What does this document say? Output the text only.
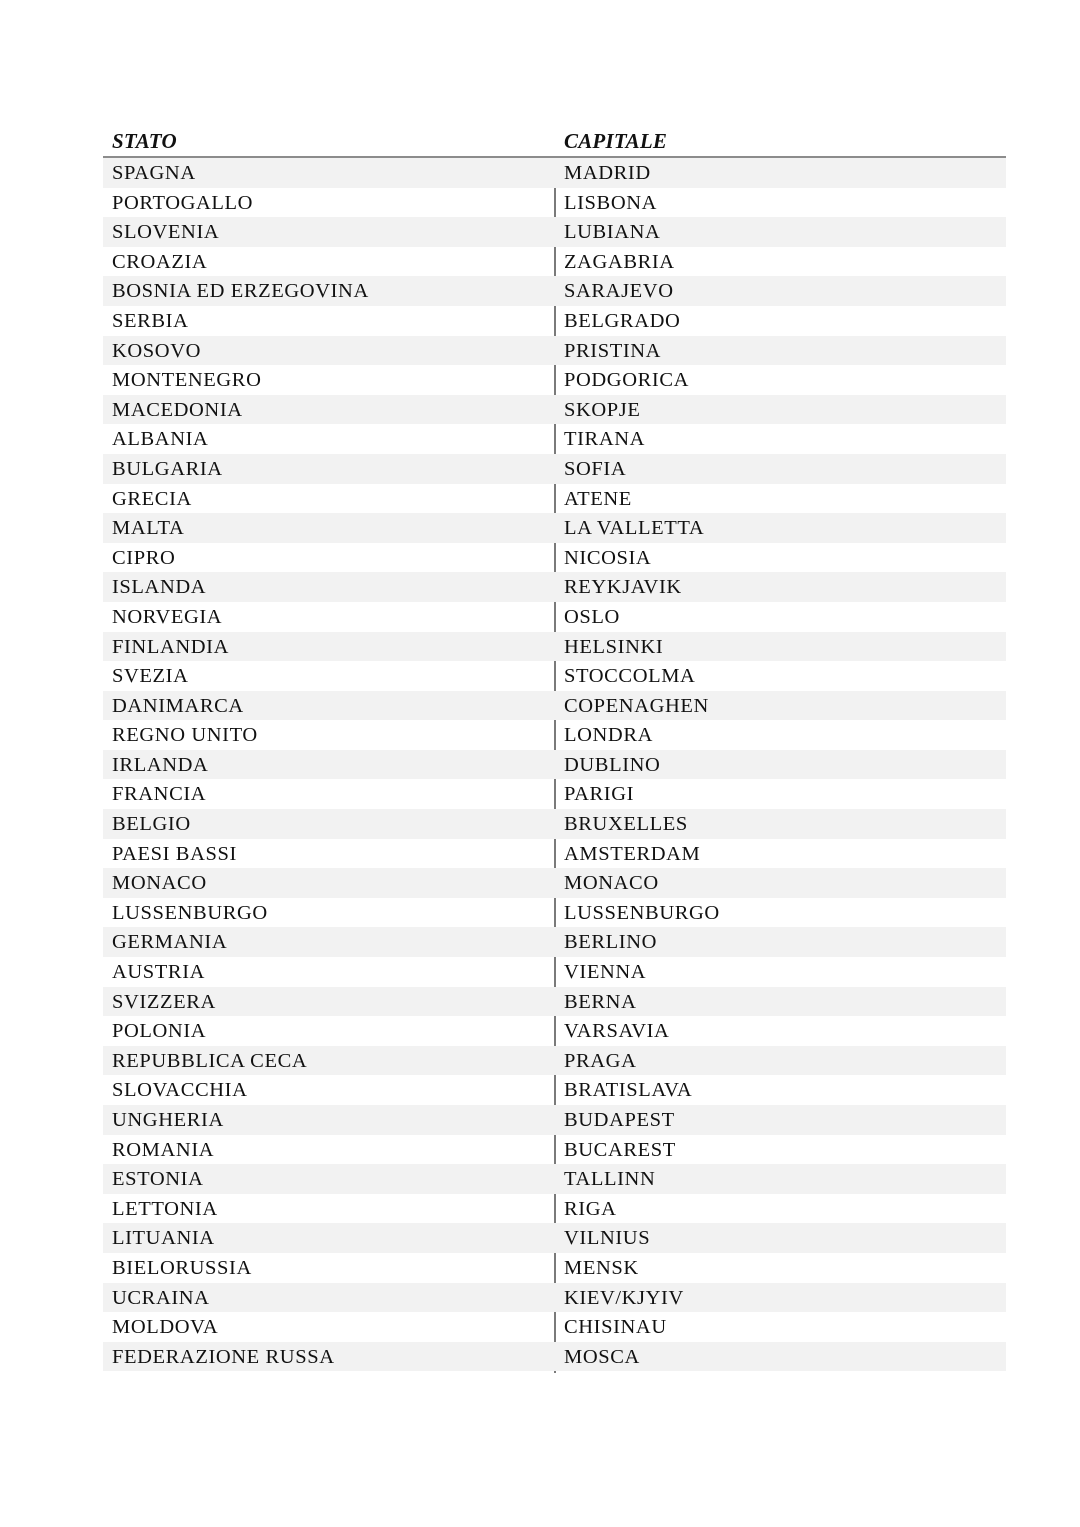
STATO	CAPITALE
SPAGNA	MADRID
PORTOGALLO	LISBONA
SLOVENIA	LUBIANA
CROAZIA	ZAGABRIA
BOSNIA ED ERZEGOVINA	SARAJEVO
SERBIA	BELGRADO
KOSOVO	PRISTINA
MONTENEGRO	PODGORICA
MACEDONIA	SKOPJE
ALBANIA	TIRANA
BULGARIA	SOFIA
GRECIA	ATENE
MALTA	LA VALLETTA
CIPRO	NICOSIA
ISLANDA	REYKJAVIK
NORVEGIA	OSLO
FINLANDIA	HELSINKI
SVEZIA	STOCCOLMA
DANIMARCA	COPENAGHEN
REGNO UNITO	LONDRA
IRLANDA	DUBLINO
FRANCIA	PARIGI
BELGIO	BRUXELLES
PAESI BASSI	AMSTERDAM
MONACO	MONACO
LUSSENBURGO	LUSSENBURGO
GERMANIA	BERLINO
AUSTRIA	VIENNA
SVIZZERA	BERNA
POLONIA	VARSAVIA
REPUBBLICA CECA	PRAGA
SLOVACCHIA	BRATISLAVA
UNGHERIA	BUDAPEST
ROMANIA	BUCAREST
ESTONIA	TALLINN
LETTONIA	RIGA
LITUANIA	VILNIUS
BIELORUSSIA	MENSK
UCRAINA	KIEV/KJYIV
MOLDOVA	CHISINAU
FEDERAZIONE RUSSA	MOSCA
